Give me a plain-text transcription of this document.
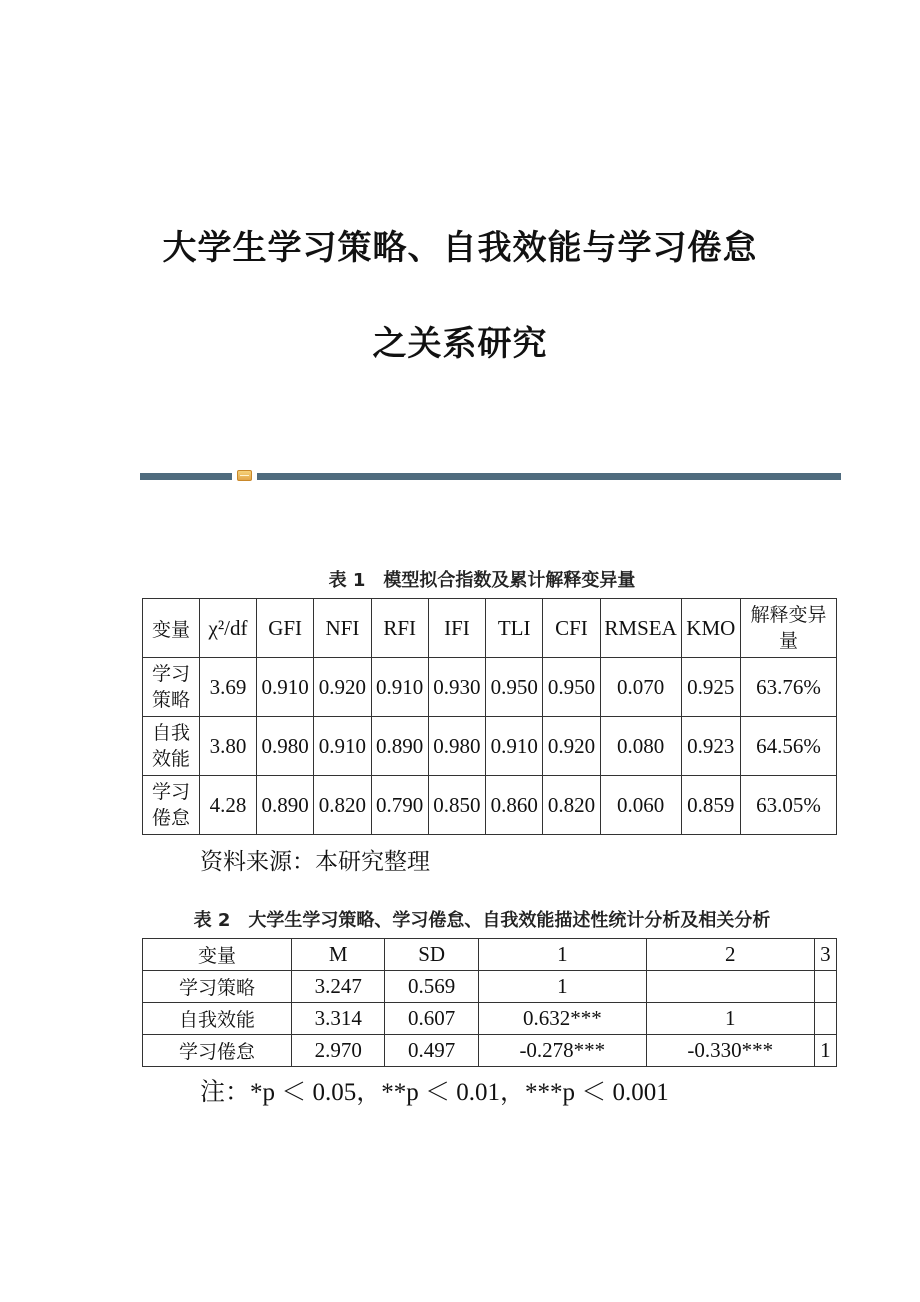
大学生学习策略、自我效能与学习倦怠
之关系研究
表 1　模型拟合指数及累计解释变异量
变量	χ²/df	GFI	NFI	RFI	IFI	TLI	CFI	RMSEA	KMO	解释变异量
学习策略	3.69	0.910	0.920	0.910	0.930	0.950	0.950	0.070	0.925	63.76%
自我效能	3.80	0.980	0.910	0.890	0.980	0.910	0.920	0.080	0.923	64.56%
学习倦怠	4.28	0.890	0.820	0.790	0.850	0.860	0.820	0.060	0.859	63.05%
资料来源：本研究整理
表 2　大学生学习策略、学习倦怠、自我效能描述性统计分析及相关分析
变量	M	SD	1	2	3
学习策略	3.247	0.569	1		
自我效能	3.314	0.607	0.632***	1	
学习倦怠	2.970	0.497	-0.278***	-0.330***	1
注：*p ＜ 0.05，**p ＜ 0.01，***p ＜ 0.001
